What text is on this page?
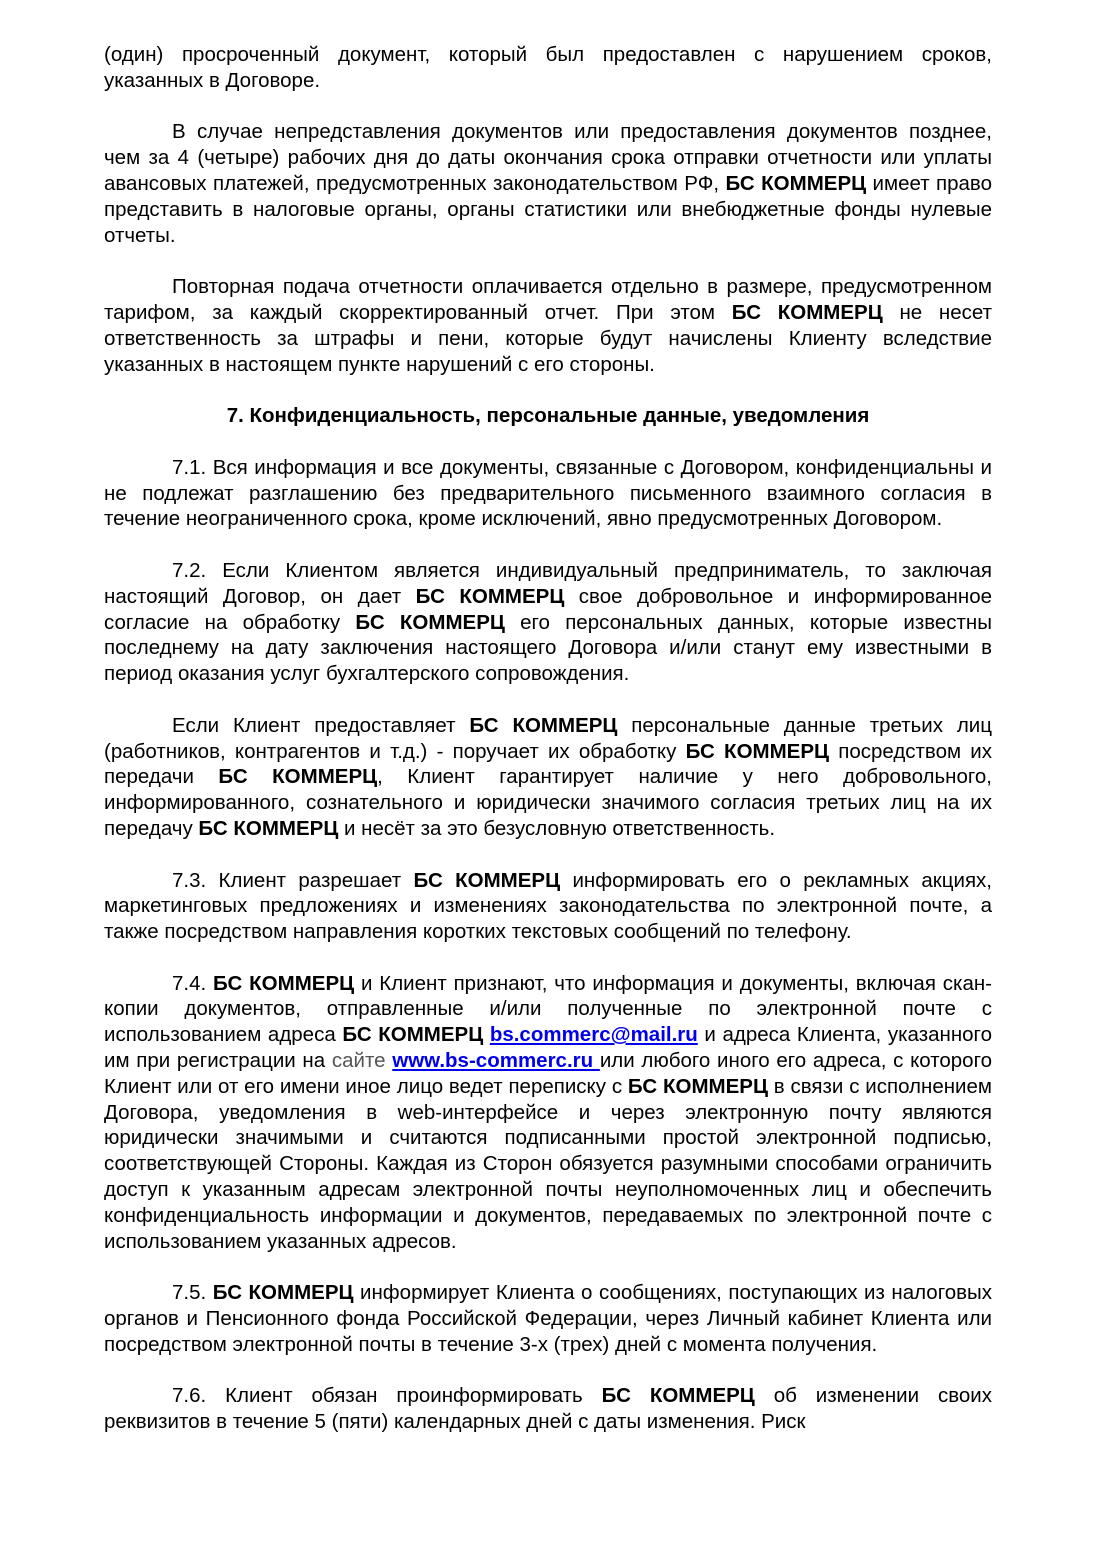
(один) просроченный документ, который был предоставлен с нарушением сроков, указанных в Договоре.

В случае непредставления документов или предоставления документов позднее, чем за 4 (четыре) рабочих дня до даты окончания срока отправки отчетности или уплаты авансовых платежей, предусмотренных законодательством РФ, БС КОММЕРЦ имеет право представить в налоговые органы, органы статистики или внебюджетные фонды нулевые отчеты.

Повторная подача отчетности оплачивается отдельно в размере, предусмотренном тарифом, за каждый скорректированный отчет. При этом БС КОММЕРЦ не несет ответственность за штрафы и пени, которые будут начислены Клиенту вследствие указанных в настоящем пункте нарушений с его стороны.

7. Конфиденциальность, персональные данные, уведомления

7.1. Вся информация и все документы, связанные с Договором, конфиденциальны и не подлежат разглашению без предварительного письменного взаимного согласия в течение неограниченного срока, кроме исключений, явно предусмотренных Договором.

7.2. Если Клиентом является индивидуальный предприниматель, то заключая настоящий Договор, он дает БС КОММЕРЦ свое добровольное и информированное согласие на обработку БС КОММЕРЦ его персональных данных, которые известны последнему на дату заключения настоящего Договора и/или станут ему известными в период оказания услуг бухгалтерского сопровождения.

Если Клиент предоставляет БС КОММЕРЦ персональные данные третьих лиц (работников, контрагентов и т.д.) - поручает их обработку БС КОММЕРЦ посредством их передачи БС КОММЕРЦ, Клиент гарантирует наличие у него добровольного, информированного, сознательного и юридически значимого согласия третьих лиц на их передачу БС КОММЕРЦ и несёт за это безусловную ответственность.

7.3. Клиент разрешает БС КОММЕРЦ информировать его о рекламных акциях, маркетинговых предложениях и изменениях законодательства по электронной почте, а также посредством направления коротких текстовых сообщений по телефону.

7.4. БС КОММЕРЦ и Клиент признают, что информация и документы, включая скан-копии документов, отправленные и/или полученные по электронной почте с использованием адреса БС КОММЕРЦ bs.commerc@mail.ru и адреса Клиента, указанного им при регистрации на сайте www.bs-commerc.ru или любого иного его адреса, с которого Клиент или от его имени иное лицо ведет переписку с БС КОММЕРЦ в связи с исполнением Договора, уведомления в web-интерфейсе и через электронную почту являются юридически значимыми и считаются подписанными простой электронной подписью, соответствующей Стороны. Каждая из Сторон обязуется разумными способами ограничить доступ к указанным адресам электронной почты неуполномоченных лиц и обеспечить конфиденциальность информации и документов, передаваемых по электронной почте с использованием указанных адресов.

7.5. БС КОММЕРЦ информирует Клиента о сообщениях, поступающих из налоговых органов и Пенсионного фонда Российской Федерации, через Личный кабинет Клиента или посредством электронной почты в течение 3-х (трех) дней с момента получения.

7.6. Клиент обязан проинформировать БС КОММЕРЦ об изменении своих реквизитов в течение 5 (пяти) календарных дней с даты изменения. Риск
